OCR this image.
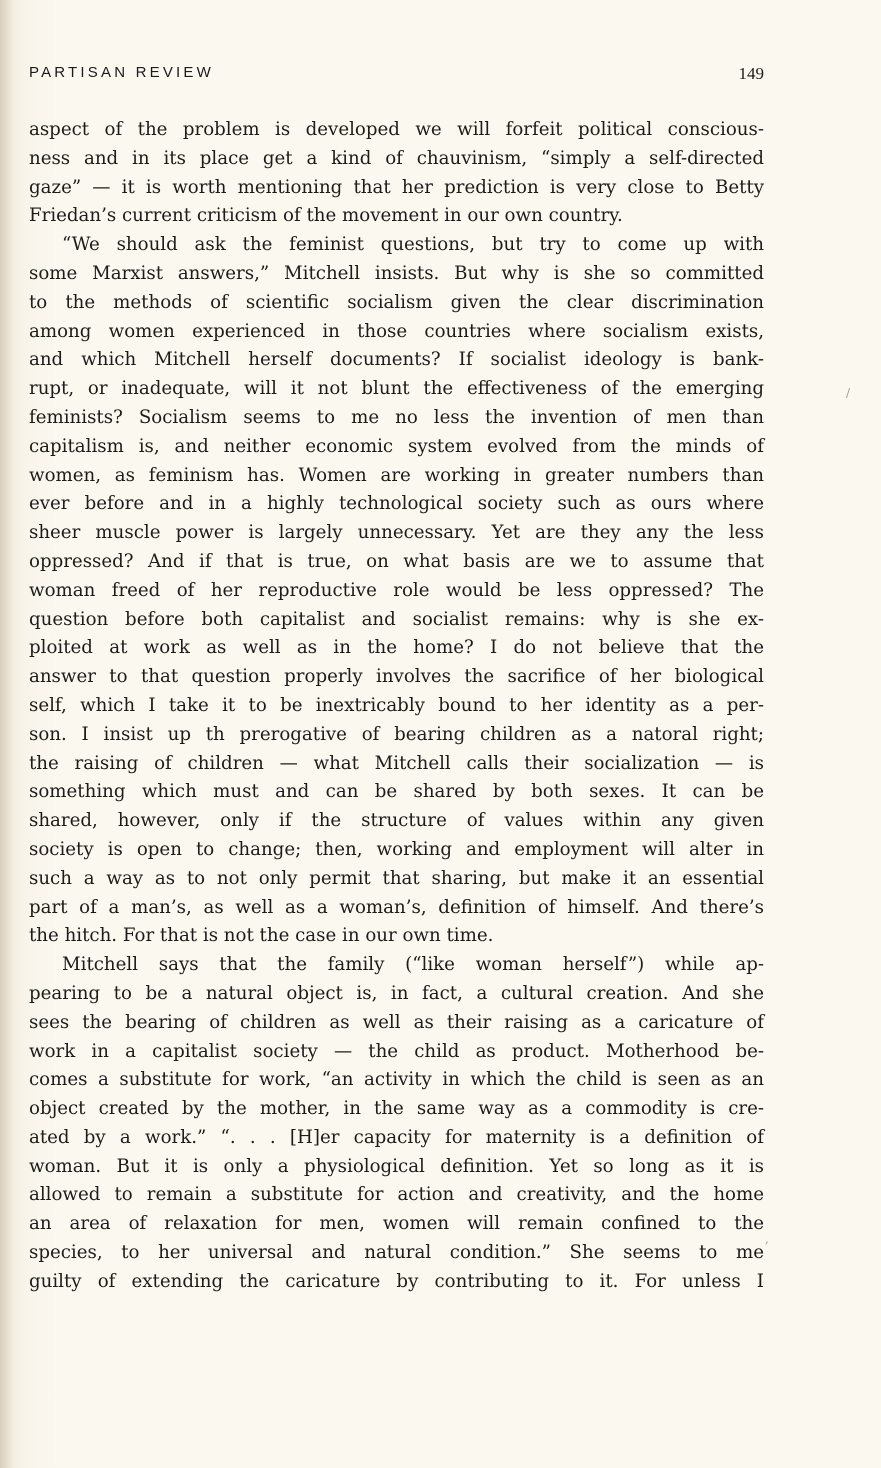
PARTISAN REVIEW	149
aspect of the problem is developed we will forfeit political conscious-
ness and in its place get a kind of chauvinism, “simply a self-directed
gaze” — it is worth mentioning that her prediction is very close to Betty
Friedan’s current criticism of the movement in our own country.
“We should ask the feminist questions, but try to come up with
some Marxist answers,” Mitchell insists. But why is she so committed
to the methods of scientific socialism given the clear discrimination
among women experienced in those countries where socialism exists,
and which Mitchell herself documents? If socialist ideology is bank-
rupt, or inadequate, will it not blunt the effectiveness of the emerging
feminists? Socialism seems to me no less the invention of men than
capitalism is, and neither economic system evolved from the minds of
women, as feminism has. Women are working in greater numbers than
ever before and in a highly technological society such as ours where
sheer muscle power is largely unnecessary. Yet are they any the less
oppressed? And if that is true, on what basis are we to assume that
woman freed of her reproductive role would be less oppressed? The
question before both capitalist and socialist remains: why is she ex-
ploited at work as well as in the home? I do not believe that the
answer to that question properly involves the sacrifice of her biological
self, which I take it to be inextricably bound to her identity as a per-
son. I insist up th prerogative of bearing children as a natoral right;
the raising of children — what Mitchell calls their socialization — is
something which must and can be shared by both sexes. It can be
shared, however, only if the structure of values within any given
society is open to change; then, working and employment will alter in
such a way as to not only permit that sharing, but make it an essential
part of a man’s, as well as a woman’s, definition of himself. And there’s
the hitch. For that is not the case in our own time.
Mitchell says that the family (“like woman herself”) while ap-
pearing to be a natural object is, in fact, a cultural creation. And she
sees the bearing of children as well as their raising as a caricature of
work in a capitalist society — the child as product. Motherhood be-
comes a substitute for work, “an activity in which the child is seen as an
object created by the mother, in the same way as a commodity is cre-
ated by a work.” “. . . [H]er capacity for maternity is a definition of
woman. But it is only a physiological definition. Yet so long as it is
allowed to remain a substitute for action and creativity, and the home
an area of relaxation for men, women will remain confined to the
species, to her universal and natural condition.” She seems to me
guilty of extending the caricature by contributing to it. For unless I
/
,
